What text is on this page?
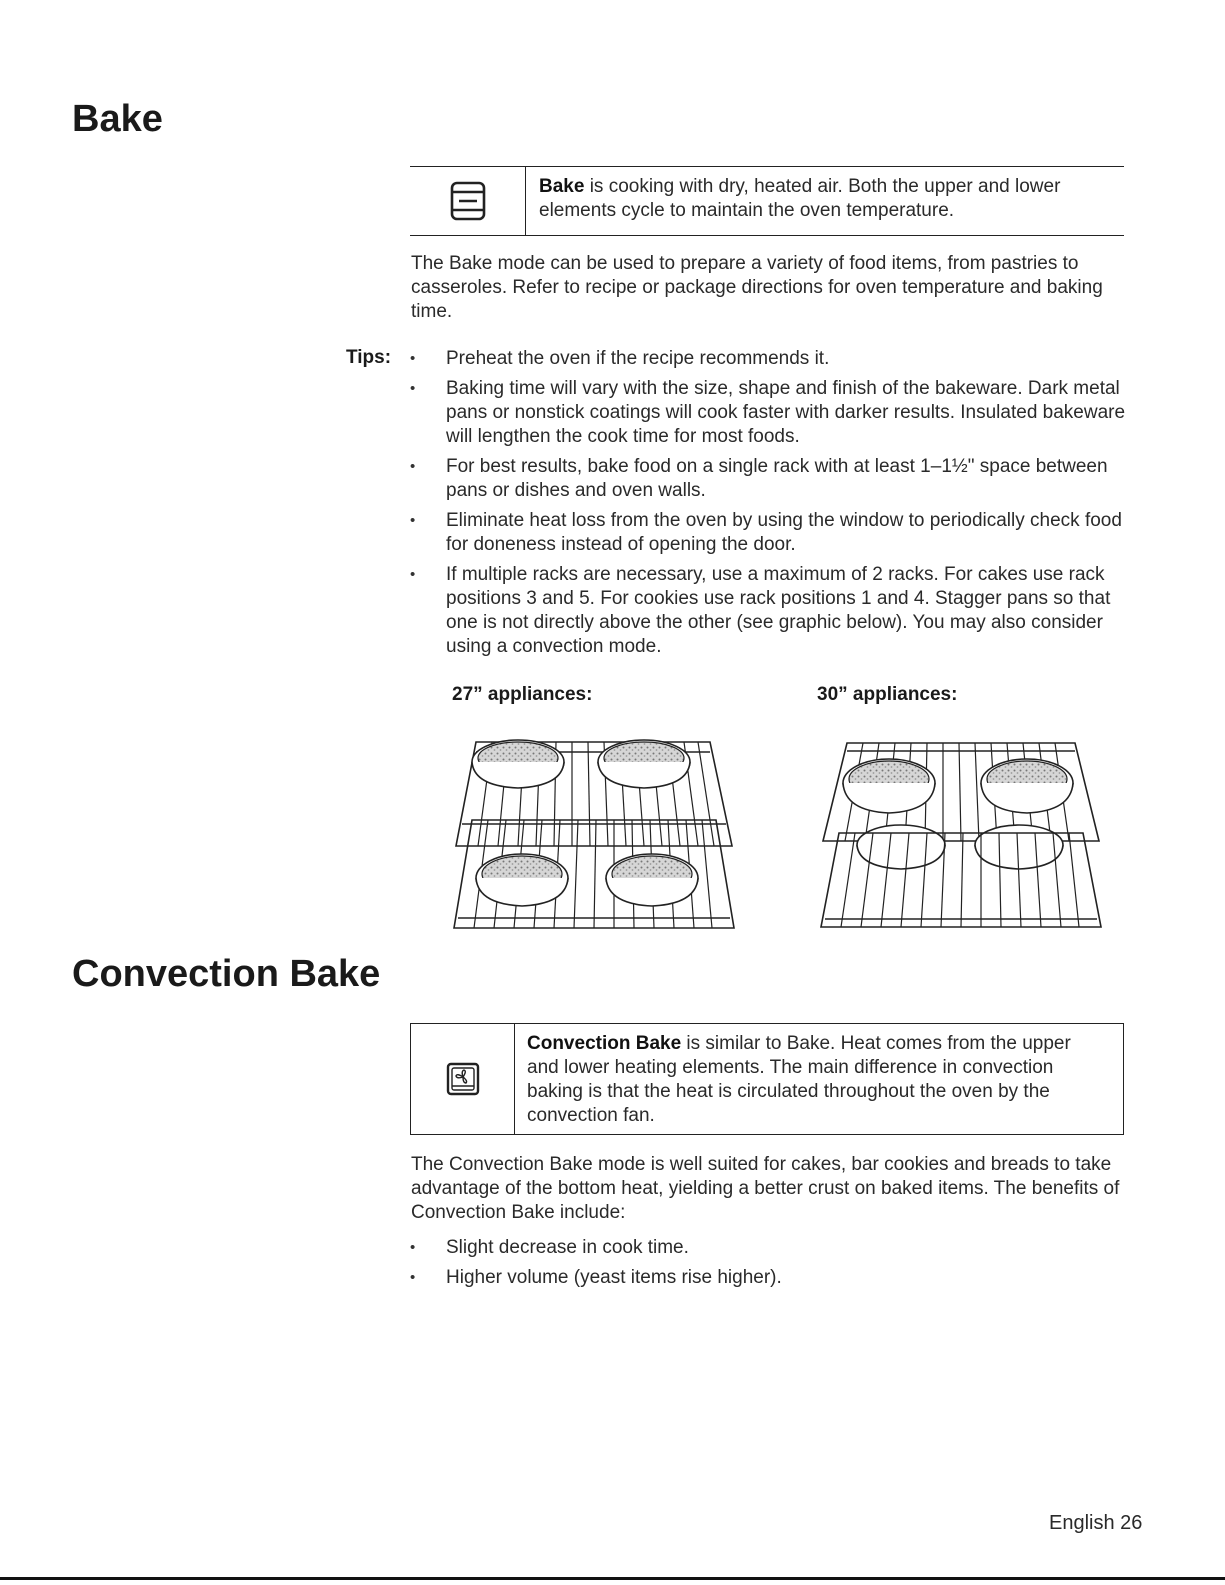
Bake
Bake is cooking with dry, heated air. Both the upper and lower elements cycle to maintain the oven temperature.

The Bake mode can be used to prepare a variety of food items, from pastries to casseroles. Refer to recipe or package directions for oven temperature and baking time.

Tips:
•	Preheat the oven if the recipe recommends it.
• Baking time will vary with the size, shape and finish of the bakeware. Dark metal pans or nonstick coatings will cook faster with darker results. Insulated bakeware will lengthen the cook time for most foods.
• For best results, bake food on a single rack with at least 1–1½" space between pans or dishes and oven walls.
• Eliminate heat loss from the oven by using the window to periodically check food for doneness instead of opening the door.
• If multiple racks are necessary, use a maximum of 2 racks. For cakes use rack positions 3 and 5. For cookies use rack positions 1 and 4. Stagger pans so that one is not directly above the other (see graphic below). You may also consider using a convection mode.
27” appliances:	30” appliances:
Convection Bake
Convection Bake is similar to Bake. Heat comes from the upper and lower heating elements. The main difference in convection baking is that the heat is circulated throughout the oven by the convection fan.

The Convection Bake mode is well suited for cakes, bar cookies and breads to take advantage of the bottom heat, yielding a better crust on baked items. The benefits of Convection Bake include:

• Slight decrease in cook time.
• Higher volume (yeast items rise higher).
English 26
